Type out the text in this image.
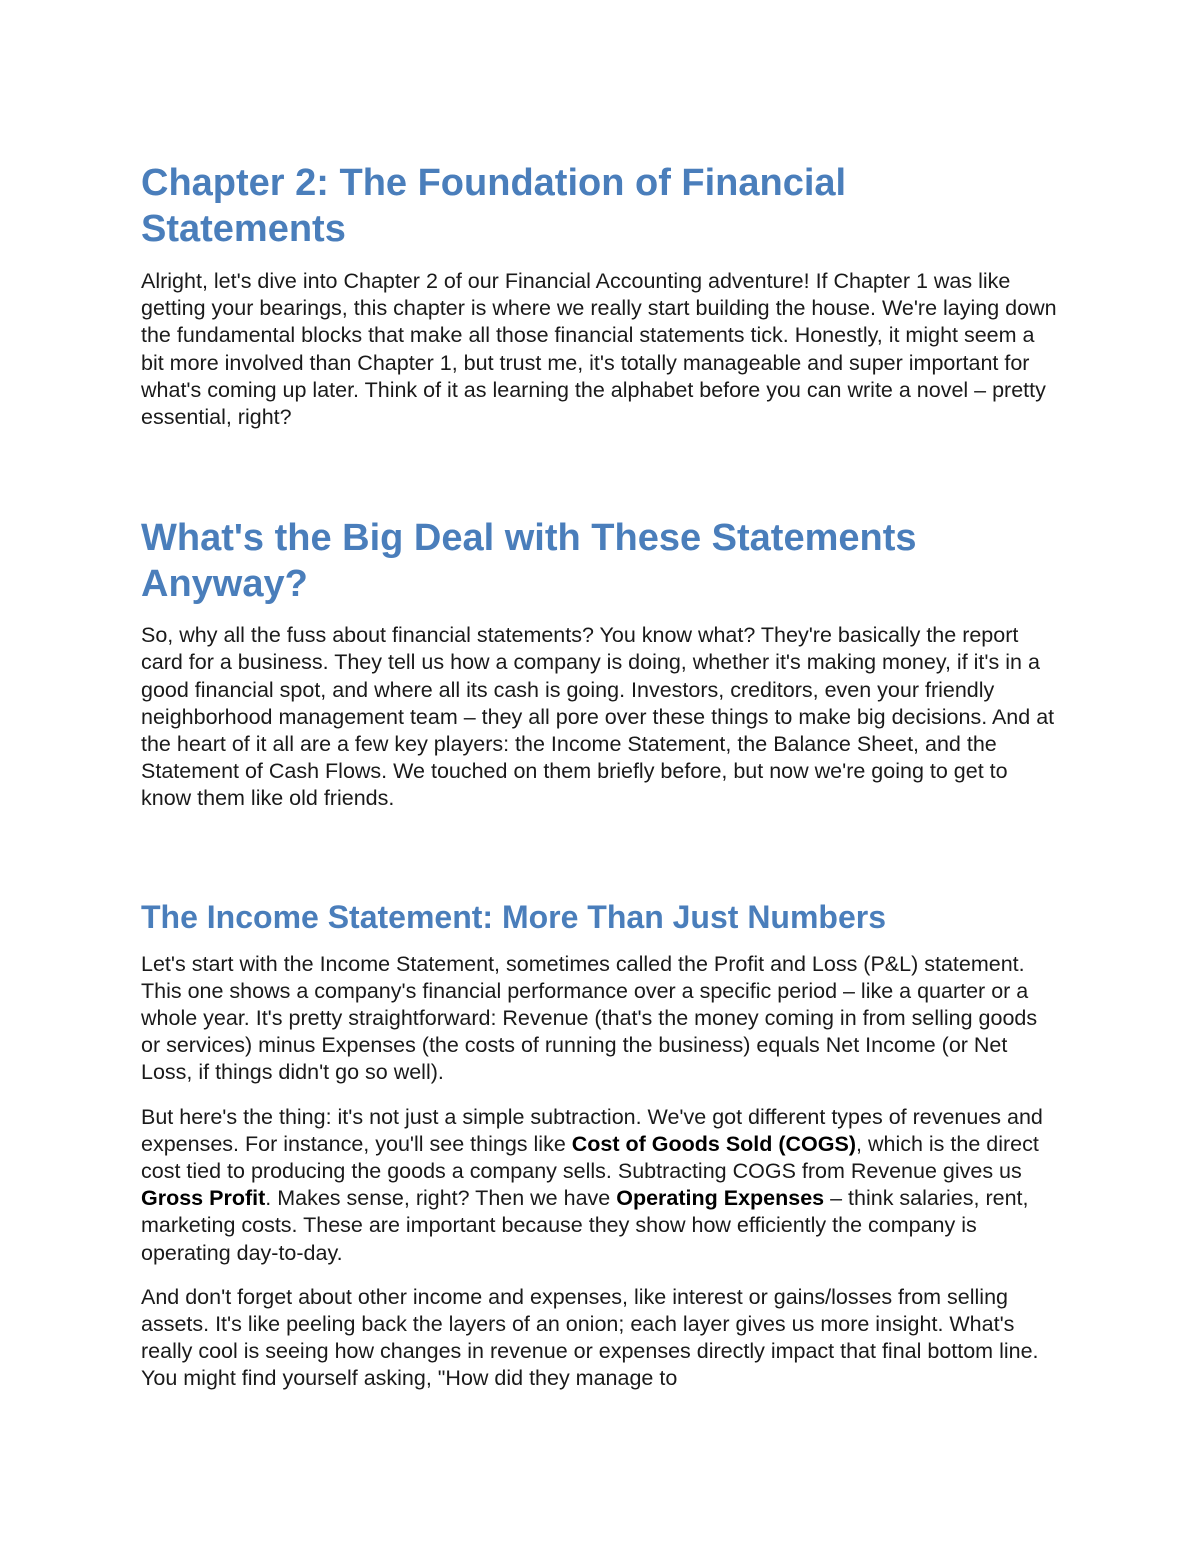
Chapter 2: The Foundation of Financial Statements

Alright, let's dive into Chapter 2 of our Financial Accounting adventure! If Chapter 1 was like getting your bearings, this chapter is where we really start building the house. We're laying down the fundamental blocks that make all those financial statements tick. Honestly, it might seem a bit more involved than Chapter 1, but trust me, it's totally manageable and super important for what's coming up later. Think of it as learning the alphabet before you can write a novel – pretty essential, right?

What's the Big Deal with These Statements Anyway?

So, why all the fuss about financial statements? You know what? They're basically the report card for a business. They tell us how a company is doing, whether it's making money, if it's in a good financial spot, and where all its cash is going. Investors, creditors, even your friendly neighborhood management team – they all pore over these things to make big decisions. And at the heart of it all are a few key players: the Income Statement, the Balance Sheet, and the Statement of Cash Flows. We touched on them briefly before, but now we're going to get to know them like old friends.

The Income Statement: More Than Just Numbers

Let's start with the Income Statement, sometimes called the Profit and Loss (P&L) statement. This one shows a company's financial performance over a specific period – like a quarter or a whole year. It's pretty straightforward: Revenue (that's the money coming in from selling goods or services) minus Expenses (the costs of running the business) equals Net Income (or Net Loss, if things didn't go so well).

But here's the thing: it's not just a simple subtraction. We've got different types of revenues and expenses. For instance, you'll see things like Cost of Goods Sold (COGS), which is the direct cost tied to producing the goods a company sells. Subtracting COGS from Revenue gives us Gross Profit. Makes sense, right? Then we have Operating Expenses – think salaries, rent, marketing costs. These are important because they show how efficiently the company is operating day-to-day.

And don't forget about other income and expenses, like interest or gains/losses from selling assets. It's like peeling back the layers of an onion; each layer gives us more insight. What's really cool is seeing how changes in revenue or expenses directly impact that final bottom line. You might find yourself asking, "How did they manage to
